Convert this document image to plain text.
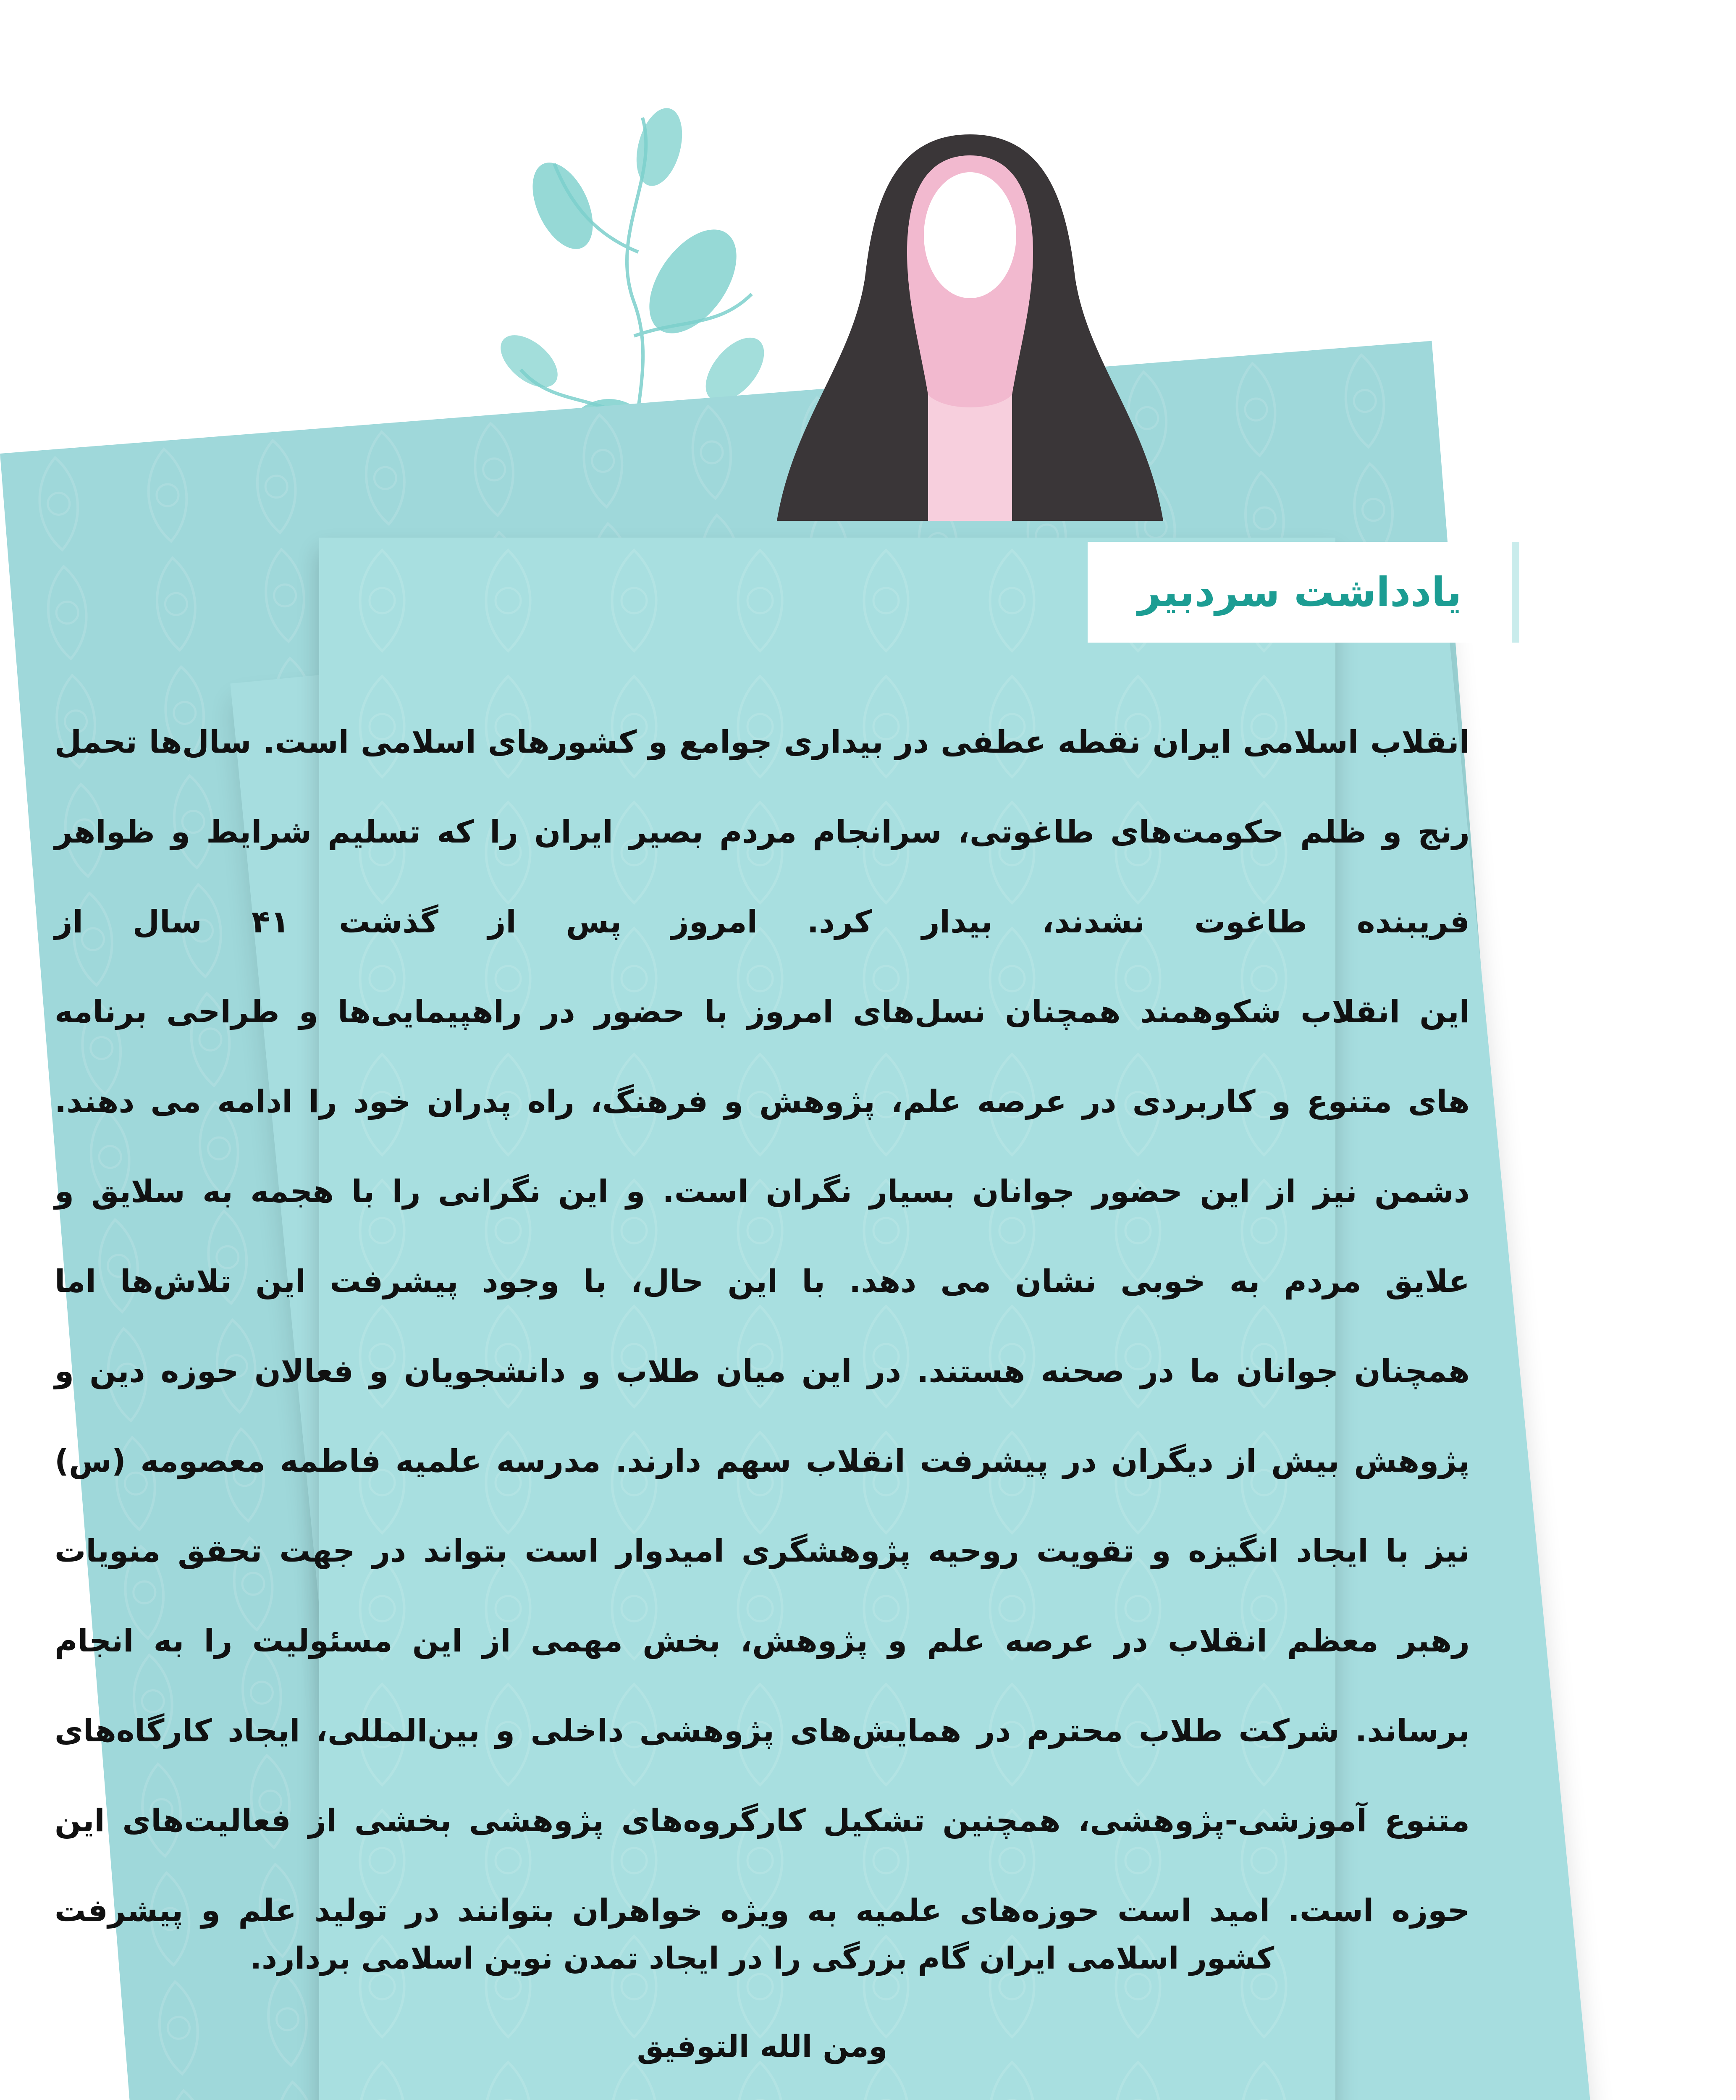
یادداشت سردبیر

انقلاب اسلامی ایران نقطه عطفی در بیداری جوامع و کشورهای اسلامی است. سال‌ها تحمل

رنج و ظلم حکومت‌های طاغوتی، سرانجام مردم بصیر ایران را که تسلیم شرایط و ظواهر

فریبنده طاغوت نشدند، بیدار کرد. امروز پس از گذشت ۴۱ سال از

این انقلاب شکوهمند همچنان نسل‌های امروز با حضور در راهپیمایی‌ها و طراحی برنامه

های متنوع و کاربردی در عرصه علم، پژوهش و فرهنگ، راه پدران خود را ادامه می دهند.

دشمن نیز از این حضور جوانان بسیار نگران است. و این نگرانی را با هجمه به سلایق و

علایق مردم به خوبی نشان می دهد. با این حال، با وجود پیشرفت این تلاش‌ها اما

همچنان جوانان ما در صحنه هستند. در این میان طلاب و دانشجویان و فعالان حوزه دین و

پژوهش بیش از دیگران در پیشرفت انقلاب سهم دارند. مدرسه علمیه فاطمه معصومه (س)

نیز با ایجاد انگیزه و تقویت روحیه پژوهشگری امیدوار است بتواند در جهت تحقق منویات

رهبر معظم انقلاب در عرصه علم و پژوهش، بخش مهمی از این مسئولیت را به انجام

برساند. شرکت طلاب محترم در همایش‌های پژوهشی داخلی و بین‌المللی، ایجاد کارگاه‌های

متنوع آموزشی-پژوهشی، همچنین تشکیل کارگروه‌های پژوهشی بخشی از فعالیت‌های این

حوزه است. امید است حوزه‌های علمیه به ویژه خواهران بتوانند در تولید علم و پیشرفت

کشور اسلامی ایران گام بزرگی را در ایجاد تمدن نوین اسلامی بردارد.
ومن الله التوفیق
